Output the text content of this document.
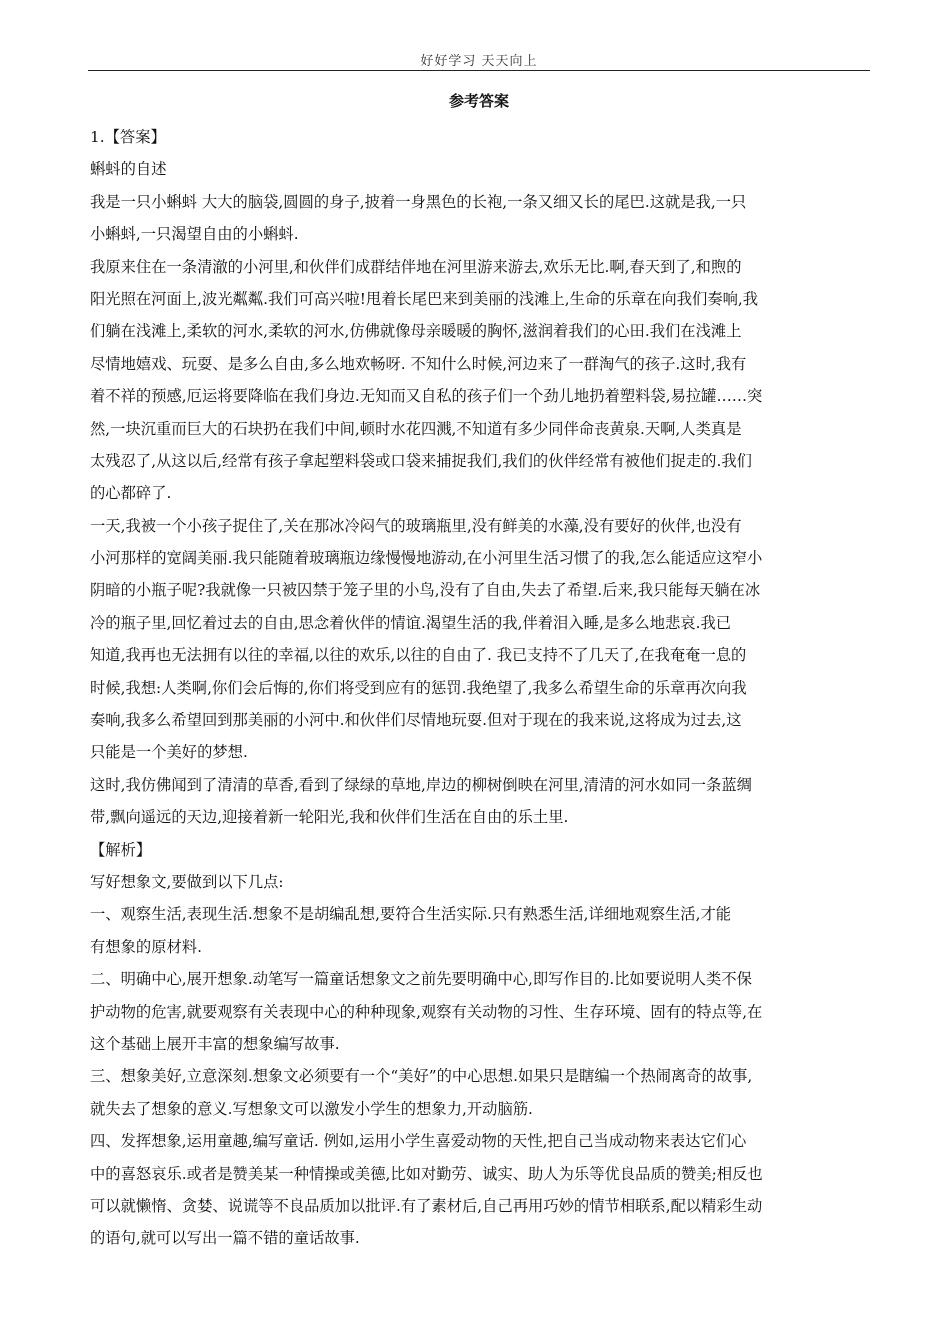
好好学习 天天向上
参考答案
1.【答案】
蝌蚪的自述
我是一只小蝌蚪 大大的脑袋,圆圆的身子,披着一身黑色的长袍,一条又细又长的尾巴.这就是我,一只
小蝌蚪,一只渴望自由的小蝌蚪.
我原来住在一条清澈的小河里,和伙伴们成群结伴地在河里游来游去,欢乐无比.啊,春天到了,和煦的
阳光照在河面上,波光粼粼.我们可高兴啦!甩着长尾巴来到美丽的浅滩上,生命的乐章在向我们奏响,我
们躺在浅滩上,柔软的河水,柔软的河水,仿佛就像母亲暖暖的胸怀,滋润着我们的心田.我们在浅滩上
尽情地嬉戏、玩耍、是多么自由,多么地欢畅呀. 不知什么时候,河边来了一群淘气的孩子.这时,我有
着不祥的预感,厄运将要降临在我们身边.无知而又自私的孩子们一个劲儿地扔着塑料袋,易拉罐……突
然,一块沉重而巨大的石块扔在我们中间,顿时水花四溅,不知道有多少同伴命丧黄泉.天啊,人类真是
太残忍了,从这以后,经常有孩子拿起塑料袋或口袋来捕捉我们,我们的伙伴经常有被他们捉走的.我们
的心都碎了.
一天,我被一个小孩子捉住了,关在那冰冷闷气的玻璃瓶里,没有鲜美的水藻,没有要好的伙伴,也没有
小河那样的宽阔美丽.我只能随着玻璃瓶边缘慢慢地游动,在小河里生活习惯了的我,怎么能适应这窄小
阴暗的小瓶子呢?我就像一只被囚禁于笼子里的小鸟,没有了自由,失去了希望.后来,我只能每天躺在冰
冷的瓶子里,回忆着过去的自由,思念着伙伴的情谊.渴望生活的我,伴着泪入睡,是多么地悲哀.我已
知道,我再也无法拥有以往的幸福,以往的欢乐,以往的自由了. 我已支持不了几天了,在我奄奄一息的
时候,我想:人类啊,你们会后悔的,你们将受到应有的惩罚.我绝望了,我多么希望生命的乐章再次向我
奏响,我多么希望回到那美丽的小河中.和伙伴们尽情地玩耍.但对于现在的我来说,这将成为过去,这
只能是一个美好的梦想.
这时,我仿佛闻到了清清的草香,看到了绿绿的草地,岸边的柳树倒映在河里,清清的河水如同一条蓝绸
带,飘向遥远的天边,迎接着新一轮阳光,我和伙伴们生活在自由的乐土里.
【解析】
写好想象文,要做到以下几点:
一、观察生活,表现生活.想象不是胡编乱想,要符合生活实际.只有熟悉生活,详细地观察生活,才能
有想象的原材料.
二、明确中心,展开想象.动笔写一篇童话想象文之前先要明确中心,即写作目的.比如要说明人类不保
护动物的危害,就要观察有关表现中心的种种现象,观察有关动物的习性、生存环境、固有的特点等,在
这个基础上展开丰富的想象编写故事.
三、想象美好,立意深刻.想象文必须要有一个“美好”的中心思想.如果只是瞎编一个热闹离奇的故事,
就失去了想象的意义.写想象文可以激发小学生的想象力,开动脑筋.
四、发挥想象,运用童趣,编写童话. 例如,运用小学生喜爱动物的天性,把自己当成动物来表达它们心
中的喜怒哀乐.或者是赞美某一种情操或美德,比如对勤劳、诚实、助人为乐等优良品质的赞美;相反也
可以就懒惰、贪婪、说谎等不良品质加以批评.有了素材后,自己再用巧妙的情节相联系,配以精彩生动
的语句,就可以写出一篇不错的童话故事.
